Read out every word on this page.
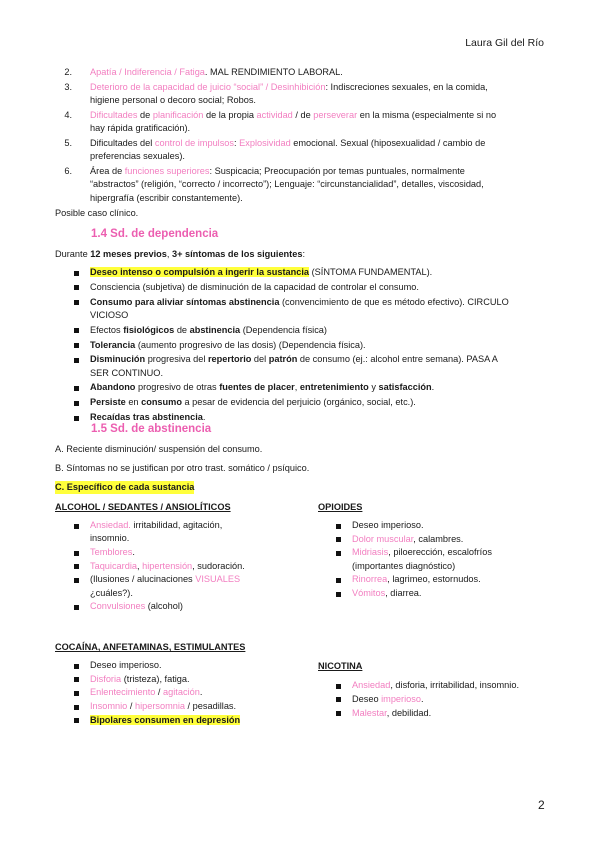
Laura Gil del Río
2. Apatía / Indiferencia / Fatiga. MAL RENDIMIENTO LABORAL.
3. Deterioro de la capacidad de juicio “social” / Desinhibición: Indiscreciones sexuales, en la comida,
higiene personal o decoro social; Robos.
4. Dificultades de planificación de la propia actividad / de perseverar en la misma (especialmente si no
hay rápida gratificación).
5. Dificultades del control de impulsos: Explosividad emocional. Sexual (hiposexualidad / cambio de
preferencias sexuales).
6. Área de funciones superiores: Suspicacia; Preocupación por temas puntuales, normalmente
“abstractos” (religión, “correcto / incorrecto”); Lenguaje: “circunstancialidad”, detalles, viscosidad,
hipergrafía (escribir constantemente).
Posible caso clínico.
1.4 Sd. de dependencia
Durante 12 meses previos, 3+ síntomas de los siguientes:
Deseo intenso o compulsión a ingerir la sustancia (SÍNTOMA FUNDAMENTAL).
Consciencia (subjetiva) de disminución de la capacidad de controlar el consumo.
Consumo para aliviar síntomas abstinencia (convencimiento de que es método efectivo). CIRCULO
VICIOSO
Efectos fisiológicos de abstinencia (Dependencia física)
Tolerancia (aumento progresivo de las dosis) (Dependencia física).
Disminución progresiva del repertorio del patrón de consumo (ej.: alcohol entre semana). PASA A
SER CONTINUO.
Abandono progresivo de otras fuentes de placer, entretenimiento y satisfacción.
Persiste en consumo a pesar de evidencia del perjuicio (orgánico, social, etc.).
Recaídas tras abstinencia.
1.5 Sd. de abstinencia
A. Reciente disminución/ suspensión del consumo.
B. Síntomas no se justifican por otro trast. somático / psíquico.
C. Específico de cada sustancia
ALCOHOL / SEDANTES / ANSIOLÍTICOS
Ansiedad. irritabilidad, agitación,
insomnio.
Temblores.
Taquicardia, hipertensión, sudoración.
(Ilusiones / alucinaciones VISUALES
¿cuáles?).
Convulsiones (alcohol)
OPIOIDES
Deseo imperioso.
Dolor muscular, calambres.
Midriasis, piloerección, escalofríos
(importantes diagnóstico)
Rinorrea, lagrimeo, estornudos.
Vómitos, diarrea.
COCAÍNA, ANFETAMINAS, ESTIMULANTES
Deseo imperioso.
Disforia (tristeza), fatiga.
Enlentecimiento / agitación.
Insomnio / hipersomnia / pesadillas.
Bipolares consumen en depresión
NICOTINA
Ansiedad, disforia, irritabilidad, insomnio.
Deseo imperioso.
Malestar, debilidad.
2
